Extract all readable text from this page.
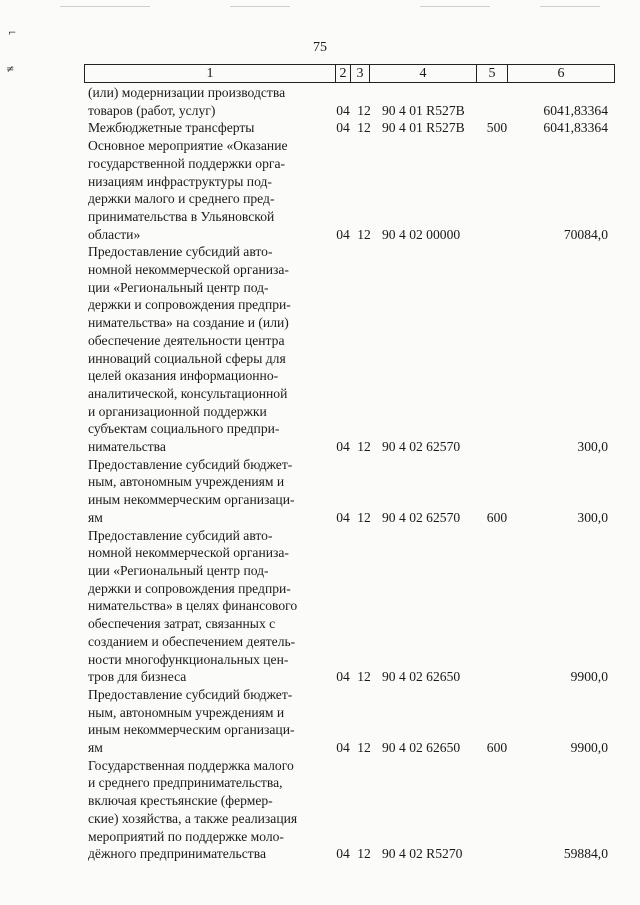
⌐
≠
75
1	2	3	4	5	6
(или) модернизации производства
товаров (работ, услуг)	04 12 90 4 01 R527B	6041,83364
Межбюджетные трансферты	04 12 90 4 01 R527B	500	6041,83364
Основное мероприятие «Оказание
государственной поддержки орга-
низациям инфраструктуры под-
держки малого и среднего пред-
принимательства в Ульяновской
области»	04 12 90 4 02 00000	70084,0
Предоставление субсидий авто-
номной некоммерческой организа-
ции «Региональный центр под-
держки и сопровождения предпри-
нимательства» на создание и (или)
обеспечение деятельности центра
инноваций социальной сферы для
целей оказания информационно-
аналитической, консультационной
и организационной поддержки
субъектам социального предпри-
нимательства	04 12 90 4 02 62570	300,0
Предоставление субсидий бюджет-
ным, автономным учреждениям и
иным некоммерческим организаци-
ям	04 12 90 4 02 62570	600	300,0
Предоставление субсидий авто-
номной некоммерческой организа-
ции «Региональный центр под-
держки и сопровождения предпри-
нимательства» в целях финансового
обеспечения затрат, связанных с
созданием и обеспечением деятель-
ности многофункциональных цен-
тров для бизнеса	04 12 90 4 02 62650	9900,0
Предоставление субсидий бюджет-
ным, автономным учреждениям и
иным некоммерческим организаци-
ям	04 12 90 4 02 62650	600	9900,0
Государственная поддержка малого
и среднего предпринимательства,
включая крестьянские (фермер-
ские) хозяйства, а также реализация
мероприятий по поддержке моло-
дёжного предпринимательства	04 12 90 4 02 R5270	59884,0
